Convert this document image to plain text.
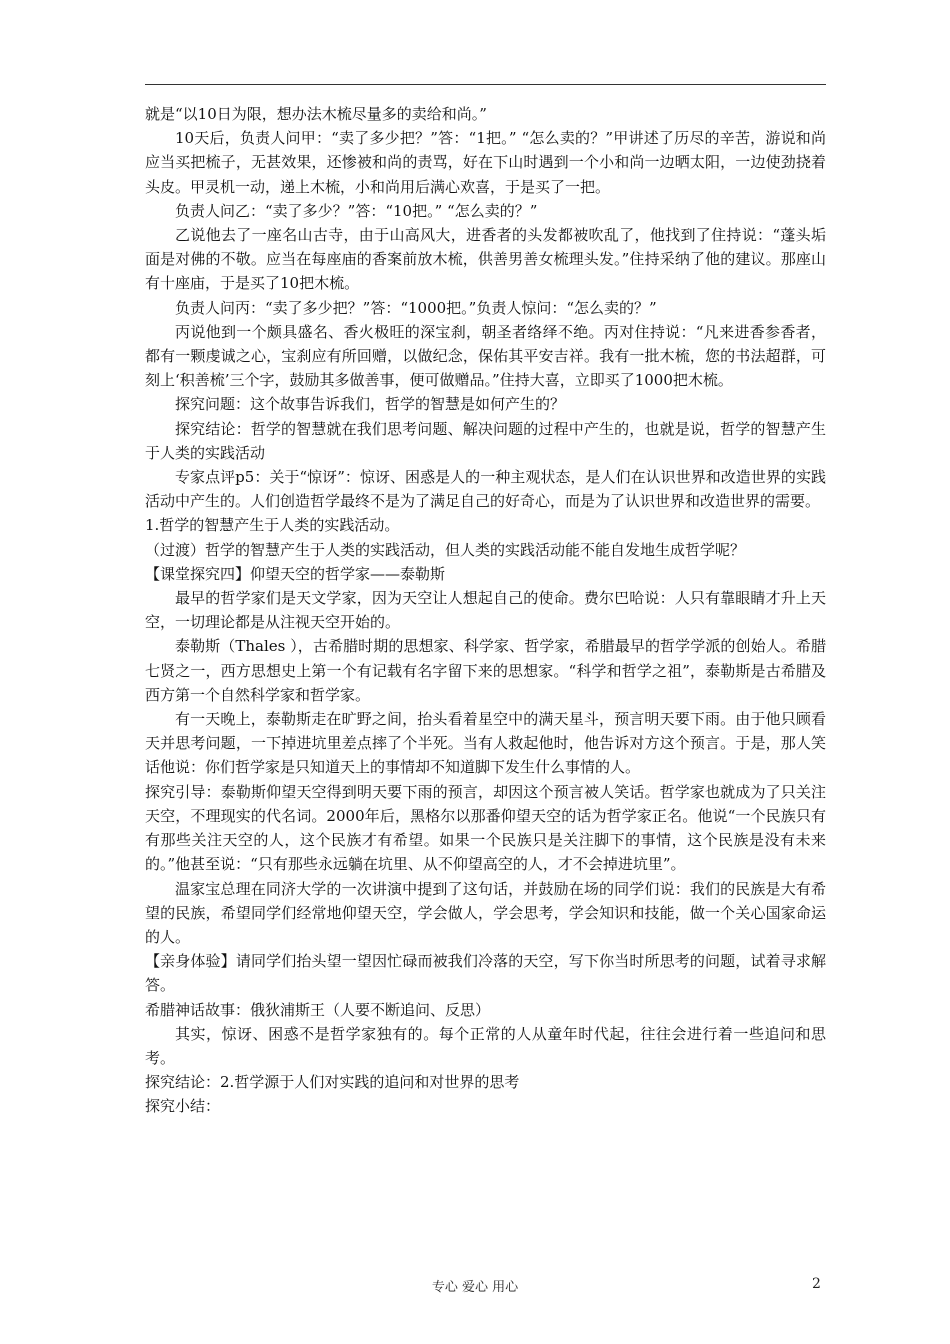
就是“以10日为限，想办法木梳尽量多的卖给和尚。”

10天后，负责人问甲：“卖了多少把？”答：“1把。” “怎么卖的？”甲讲述了历尽的辛苦，游说和尚应当买把梳子，无甚效果，还惨被和尚的责骂，好在下山时遇到一个小和尚一边晒太阳，一边使劲挠着头皮。甲灵机一动，递上木梳，小和尚用后满心欢喜，于是买了一把。

负责人问乙：“卖了多少？”答：“10把。” “怎么卖的？”

乙说他去了一座名山古寺，由于山高风大，进香者的头发都被吹乱了，他找到了住持说：“蓬头垢面是对佛的不敬。应当在每座庙的香案前放木梳，供善男善女梳理头发。”住持采纳了他的建议。那座山有十座庙，于是买了10把木梳。

负责人问丙：“卖了多少把？”答：“1000把。”负责人惊问：“怎么卖的？”

丙说他到一个颇具盛名、香火极旺的深宝刹，朝圣者络绎不绝。丙对住持说：“凡来进香参香者，都有一颗虔诚之心，宝刹应有所回赠，以做纪念，保佑其平安吉祥。我有一批木梳，您的书法超群，可刻上‘积善梳’三个字，鼓励其多做善事，便可做赠品。”住持大喜，立即买了1000把木梳。

探究问题：这个故事告诉我们，哲学的智慧是如何产生的？

探究结论：哲学的智慧就在我们思考问题、解决问题的过程中产生的，也就是说，哲学的智慧产生于人类的实践活动

专家点评p5：关于“惊讶”：惊讶、困惑是人的一种主观状态，是人们在认识世界和改造世界的实践活动中产生的。人们创造哲学最终不是为了满足自己的好奇心，而是为了认识世界和改造世界的需要。

1.哲学的智慧产生于人类的实践活动。

（过渡）哲学的智慧产生于人类的实践活动，但人类的实践活动能不能自发地生成哲学呢？

【课堂探究四】仰望天空的哲学家——泰勒斯

最早的哲学家们是天文学家，因为天空让人想起自己的使命。费尔巴哈说：人只有靠眼睛才升上天空，一切理论都是从注视天空开始的。

泰勒斯（Thales ），古希腊时期的思想家、科学家、哲学家，希腊最早的哲学学派的创始人。希腊七贤之一，西方思想史上第一个有记载有名字留下来的思想家。“科学和哲学之祖”，泰勒斯是古希腊及西方第一个自然科学家和哲学家。

有一天晚上，泰勒斯走在旷野之间，抬头看着星空中的满天星斗，预言明天要下雨。由于他只顾看天并思考问题，一下掉进坑里差点摔了个半死。当有人救起他时，他告诉对方这个预言。于是，那人笑话他说：你们哲学家是只知道天上的事情却不知道脚下发生什么事情的人。

探究引导：泰勒斯仰望天空得到明天要下雨的预言，却因这个预言被人笑话。哲学家也就成为了只关注天空，不理现实的代名词。2000年后，黑格尔以那番仰望天空的话为哲学家正名。他说“一个民族只有有那些关注天空的人，这个民族才有希望。如果一个民族只是关注脚下的事情，这个民族是没有未来的。”他甚至说：“只有那些永远躺在坑里、从不仰望高空的人，才不会掉进坑里”。

温家宝总理在同济大学的一次讲演中提到了这句话，并鼓励在场的同学们说：我们的民族是大有希望的民族，希望同学们经常地仰望天空，学会做人，学会思考，学会知识和技能，做一个关心国家命运的人。

【亲身体验】请同学们抬头望一望因忙碌而被我们冷落的天空，写下你当时所思考的问题，试着寻求解答。

希腊神话故事：俄狄浦斯王（人要不断追问、反思）

其实，惊讶、困惑不是哲学家独有的。每个正常的人从童年时代起，往往会进行着一些追问和思考。

探究结论：2.哲学源于人们对实践的追问和对世界的思考

探究小结：

专心 爱心 用心	2
